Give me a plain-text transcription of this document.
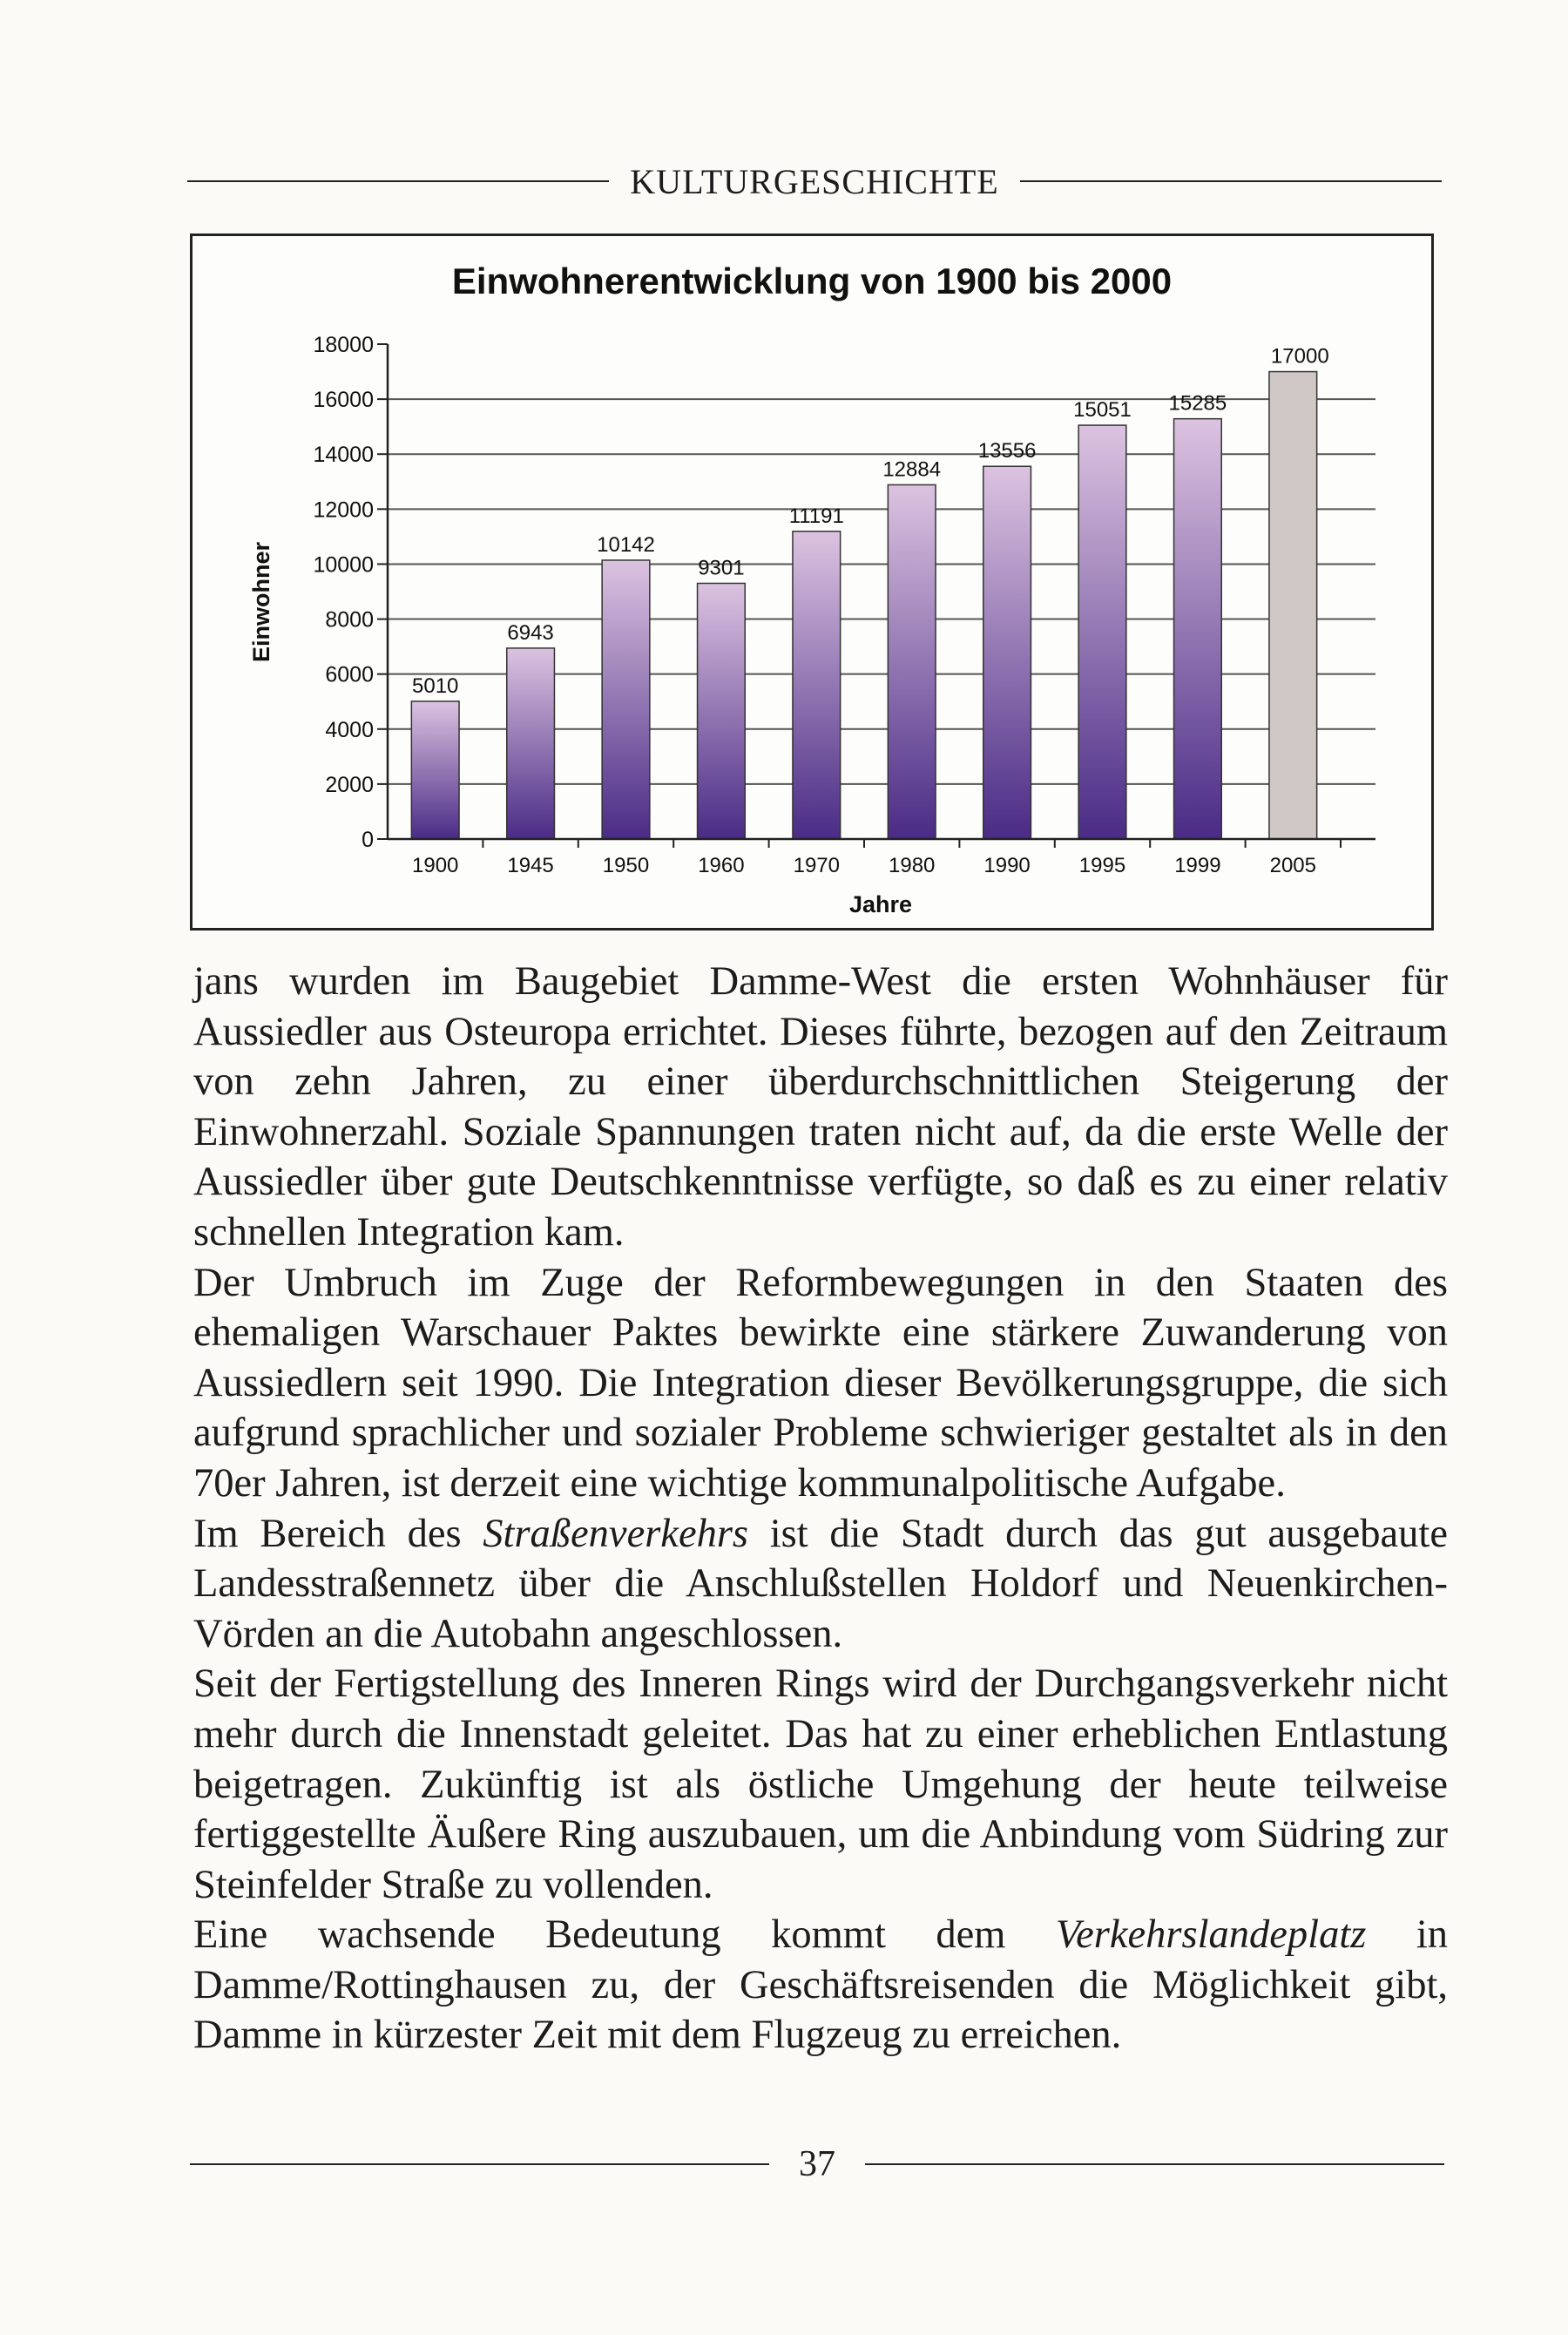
KULTURGESCHICHTE
Einwohnerentwicklung von 1900 bis 2000
Einwohner
Jahre
0
2000
4000
6000
8000
10000
12000
14000
16000
18000
5010
1900
6943
1945
10142
1950
9301
1960
11191
1970
12884
1980
13556
1990
15051
1995
15285
1999
17000
2005

jans wurden im Baugebiet Damme-West die ersten Wohnhäuser für Aussiedler aus Osteuropa errichtet. Dieses führte, bezogen auf den Zeitraum von zehn Jahren, zu einer überdurchschnittlichen Steigerung der Einwohnerzahl. Soziale Spannungen traten nicht auf, da die erste Welle der Aussiedler über gute Deutschkenntnisse verfügte, so daß es zu einer relativ schnellen Integration kam.

Der Umbruch im Zuge der Reformbewegungen in den Staaten des ehemaligen Warschauer Paktes bewirkte eine stärkere Zuwanderung von Aussiedlern seit 1990. Die Integration dieser Bevölkerungsgruppe, die sich aufgrund sprachlicher und sozialer Probleme schwieriger gestaltet als in den 70er Jahren, ist derzeit eine wichtige kommunalpolitische Aufgabe.

Im Bereich des Straßenverkehrs ist die Stadt durch das gut ausgebaute Landesstraßennetz über die Anschlußstellen Holdorf und Neuenkirchen-Vörden an die Autobahn angeschlossen.

Seit der Fertigstellung des Inneren Rings wird der Durchgangsverkehr nicht mehr durch die Innenstadt geleitet. Das hat zu einer erheblichen Entlastung beigetragen. Zukünftig ist als östliche Umgehung der heute teilweise fertiggestellte Äußere Ring auszubauen, um die Anbindung vom Südring zur Steinfelder Straße zu vollenden.

Eine wachsende Bedeutung kommt dem Verkehrslandeplatz in Damme/Rottinghausen zu, der Geschäftsreisenden die Möglichkeit gibt, Damme in kürzester Zeit mit dem Flugzeug zu erreichen.

37
